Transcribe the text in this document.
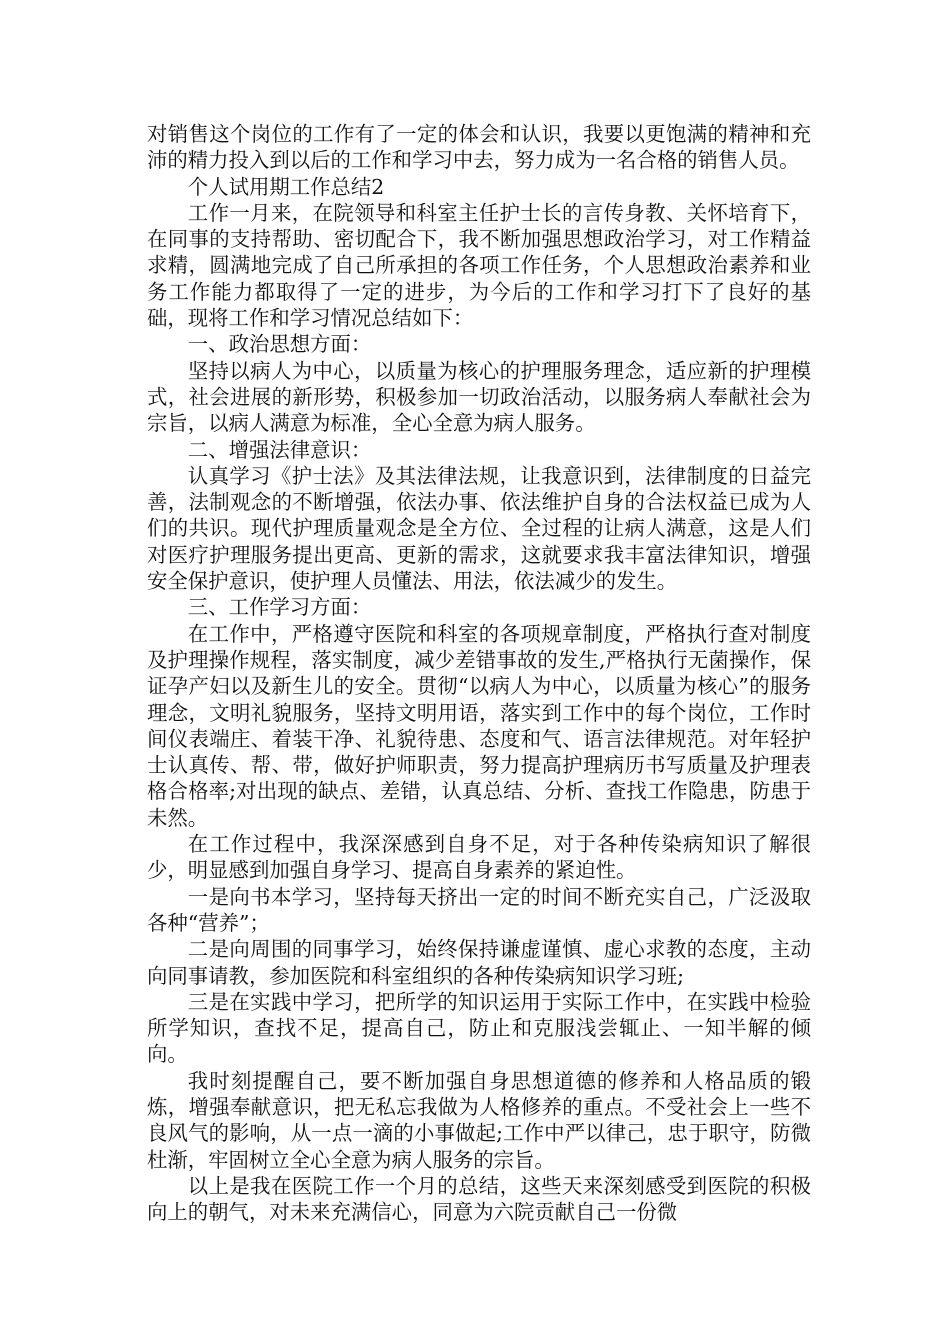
对销售这个岗位的工作有了一定的体会和认识，我要以更饱满的精神和充沛的精力投入到以后的工作和学习中去，努力成为一名合格的销售人员。

个人试用期工作总结2

工作一月来，在院领导和科室主任护士长的言传身教、关怀培育下，在同事的支持帮助、密切配合下，我不断加强思想政治学习，对工作精益求精，圆满地完成了自己所承担的各项工作任务，个人思想政治素养和业务工作能力都取得了一定的进步，为今后的工作和学习打下了良好的基础，现将工作和学习情况总结如下：

一、政治思想方面：

坚持以病人为中心，以质量为核心的护理服务理念，适应新的护理模式，社会进展的新形势，积极参加一切政治活动，以服务病人奉献社会为宗旨，以病人满意为标准，全心全意为病人服务。

二、增强法律意识：

认真学习《护士法》及其法律法规，让我意识到，法律制度的日益完善，法制观念的不断增强，依法办事、依法维护自身的合法权益已成为人们的共识。现代护理质量观念是全方位、全过程的让病人满意，这是人们对医疗护理服务提出更高、更新的需求，这就要求我丰富法律知识，增强安全保护意识，使护理人员懂法、用法，依法减少的发生。

三、工作学习方面：

在工作中，严格遵守医院和科室的各项规章制度，严格执行查对制度及护理操作规程，落实制度，减少差错事故的发生,严格执行无菌操作，保证孕产妇以及新生儿的安全。贯彻“以病人为中心，以质量为核心”的服务理念，文明礼貌服务，坚持文明用语，落实到工作中的每个岗位，工作时间仪表端庄、着装干净、礼貌待患、态度和气、语言法律规范。对年轻护士认真传、帮、带，做好护师职责，努力提高护理病历书写质量及护理表格合格率;对出现的缺点、差错，认真总结、分析、查找工作隐患，防患于未然。

在工作过程中，我深深感到自身不足，对于各种传染病知识了解很少，明显感到加强自身学习、提高自身素养的紧迫性。

一是向书本学习，坚持每天挤出一定的时间不断充实自己，广泛汲取各种“营养”；

二是向周围的同事学习，始终保持谦虚谨慎、虚心求教的态度，主动向同事请教，参加医院和科室组织的各种传染病知识学习班;

三是在实践中学习，把所学的知识运用于实际工作中，在实践中检验所学知识，查找不足，提高自己，防止和克服浅尝辄止、一知半解的倾向。

我时刻提醒自己，要不断加强自身思想道德的修养和人格品质的锻炼，增强奉献意识，把无私忘我做为人格修养的重点。不受社会上一些不良风气的影响，从一点一滴的小事做起;工作中严以律己，忠于职守，防微杜渐，牢固树立全心全意为病人服务的宗旨。

以上是我在医院工作一个月的总结，这些天来深刻感受到医院的积极向上的朝气，对未来充满信心，同意为六院贡献自己一份微
